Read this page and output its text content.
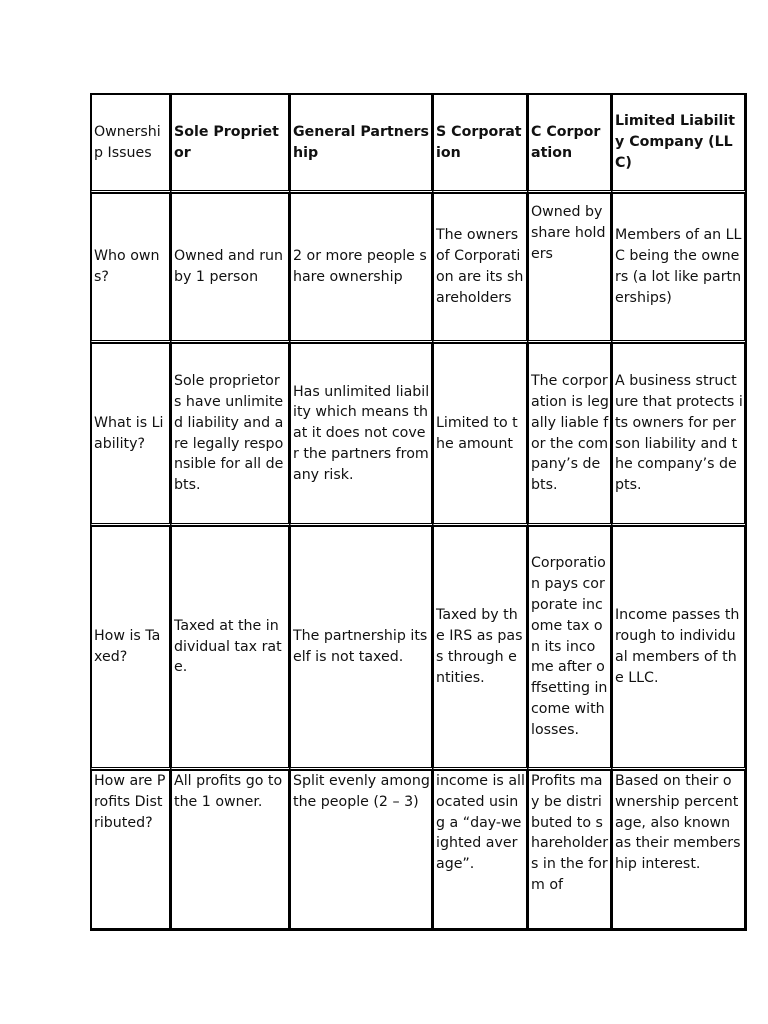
Ownership Issues	Sole Proprietor	General Partnership	S Corporation	C Corporation	Limited Liability Company (LLC)
Who owns?	Owned and run by 1 person	2 or more people share ownership	The owners of Corporation are its shareholders	Owned by share holders	Members of an LLC being the owners (a lot like partnerships)
What is Liability?	Sole proprietors have unlimited liability and are legally responsible for all debts.	Has unlimited liability which means that it does not cover the partners from any risk.	Limited to the amount	The corporation is legally liable for the company’s debts.	A business structure that protects its owners for person liability and the company’s depts.
How is Taxed?	Taxed at the individual tax rate.	The partnership itself is not taxed.	Taxed by the IRS as pass through entities.	Corporation pays corporate income tax on its income after offsetting income with losses.	Income passes through to individual members of the LLC.
How are Profits Distributed?	All profits go to the 1 owner.	Split evenly among the people (2 – 3)	income is allocated using a “day-weighted average”.	Profits may be distributed to shareholders in the form of	Based on their ownership percentage, also known as their membership interest.
